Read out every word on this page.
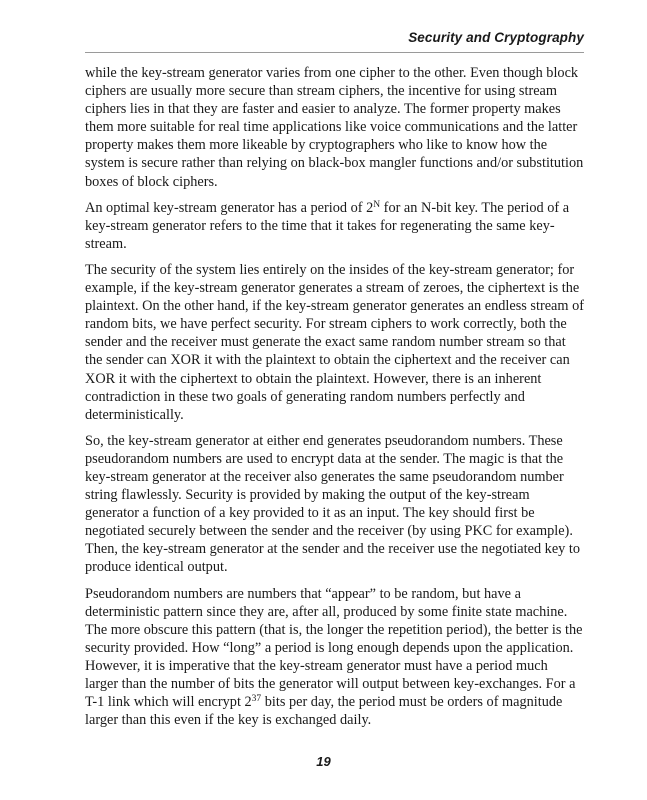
Security and Cryptography

while the key-stream generator varies from one cipher to the other. Even though block ciphers are usually more secure than stream ciphers, the incentive for using stream ciphers lies in that they are faster and easier to analyze. The former property makes them more suitable for real time applications like voice communications and the latter property makes them more likeable by cryptographers who like to know how the system is secure rather than relying on black-box mangler functions and/or substitution boxes of block ciphers.

An optimal key-stream generator has a period of $2^N$ for an N-bit key. The period of a key-stream generator refers to the time that it takes for regenerating the same key-stream.

The security of the system lies entirely on the insides of the key-stream generator; for example, if the key-stream generator generates a stream of zeroes, the ciphertext is the plaintext. On the other hand, if the key-stream generator generates an endless stream of random bits, we have perfect security. For stream ciphers to work correctly, both the sender and the receiver must generate the exact same random number stream so that the sender can XOR it with the plaintext to obtain the ciphertext and the receiver can XOR it with the ciphertext to obtain the plaintext. However, there is an inherent contradiction in these two goals of generating random numbers perfectly and deterministically.

So, the key-stream generator at either end generates pseudorandom numbers. These pseudorandom numbers are used to encrypt data at the sender. The magic is that the key-stream generator at the receiver also generates the same pseudorandom number string flawlessly. Security is provided by making the output of the key-stream generator a function of a key provided to it as an input. The key should first be negotiated securely between the sender and the receiver (by using PKC for example). Then, the key-stream generator at the sender and the receiver use the negotiated key to produce identical output.

Pseudorandom numbers are numbers that “appear” to be random, but have a deterministic pattern since they are, after all, produced by some finite state machine. The more obscure this pattern (that is, the longer the repetition period), the better is the security provided. How “long” a period is long enough depends upon the application. However, it is imperative that the key-stream generator must have a period much larger than the number of bits the generator will output between key-exchanges. For a T-1 link which will encrypt $2^{37}$ bits per day, the period must be orders of magnitude larger than this even if the key is exchanged daily.

19
